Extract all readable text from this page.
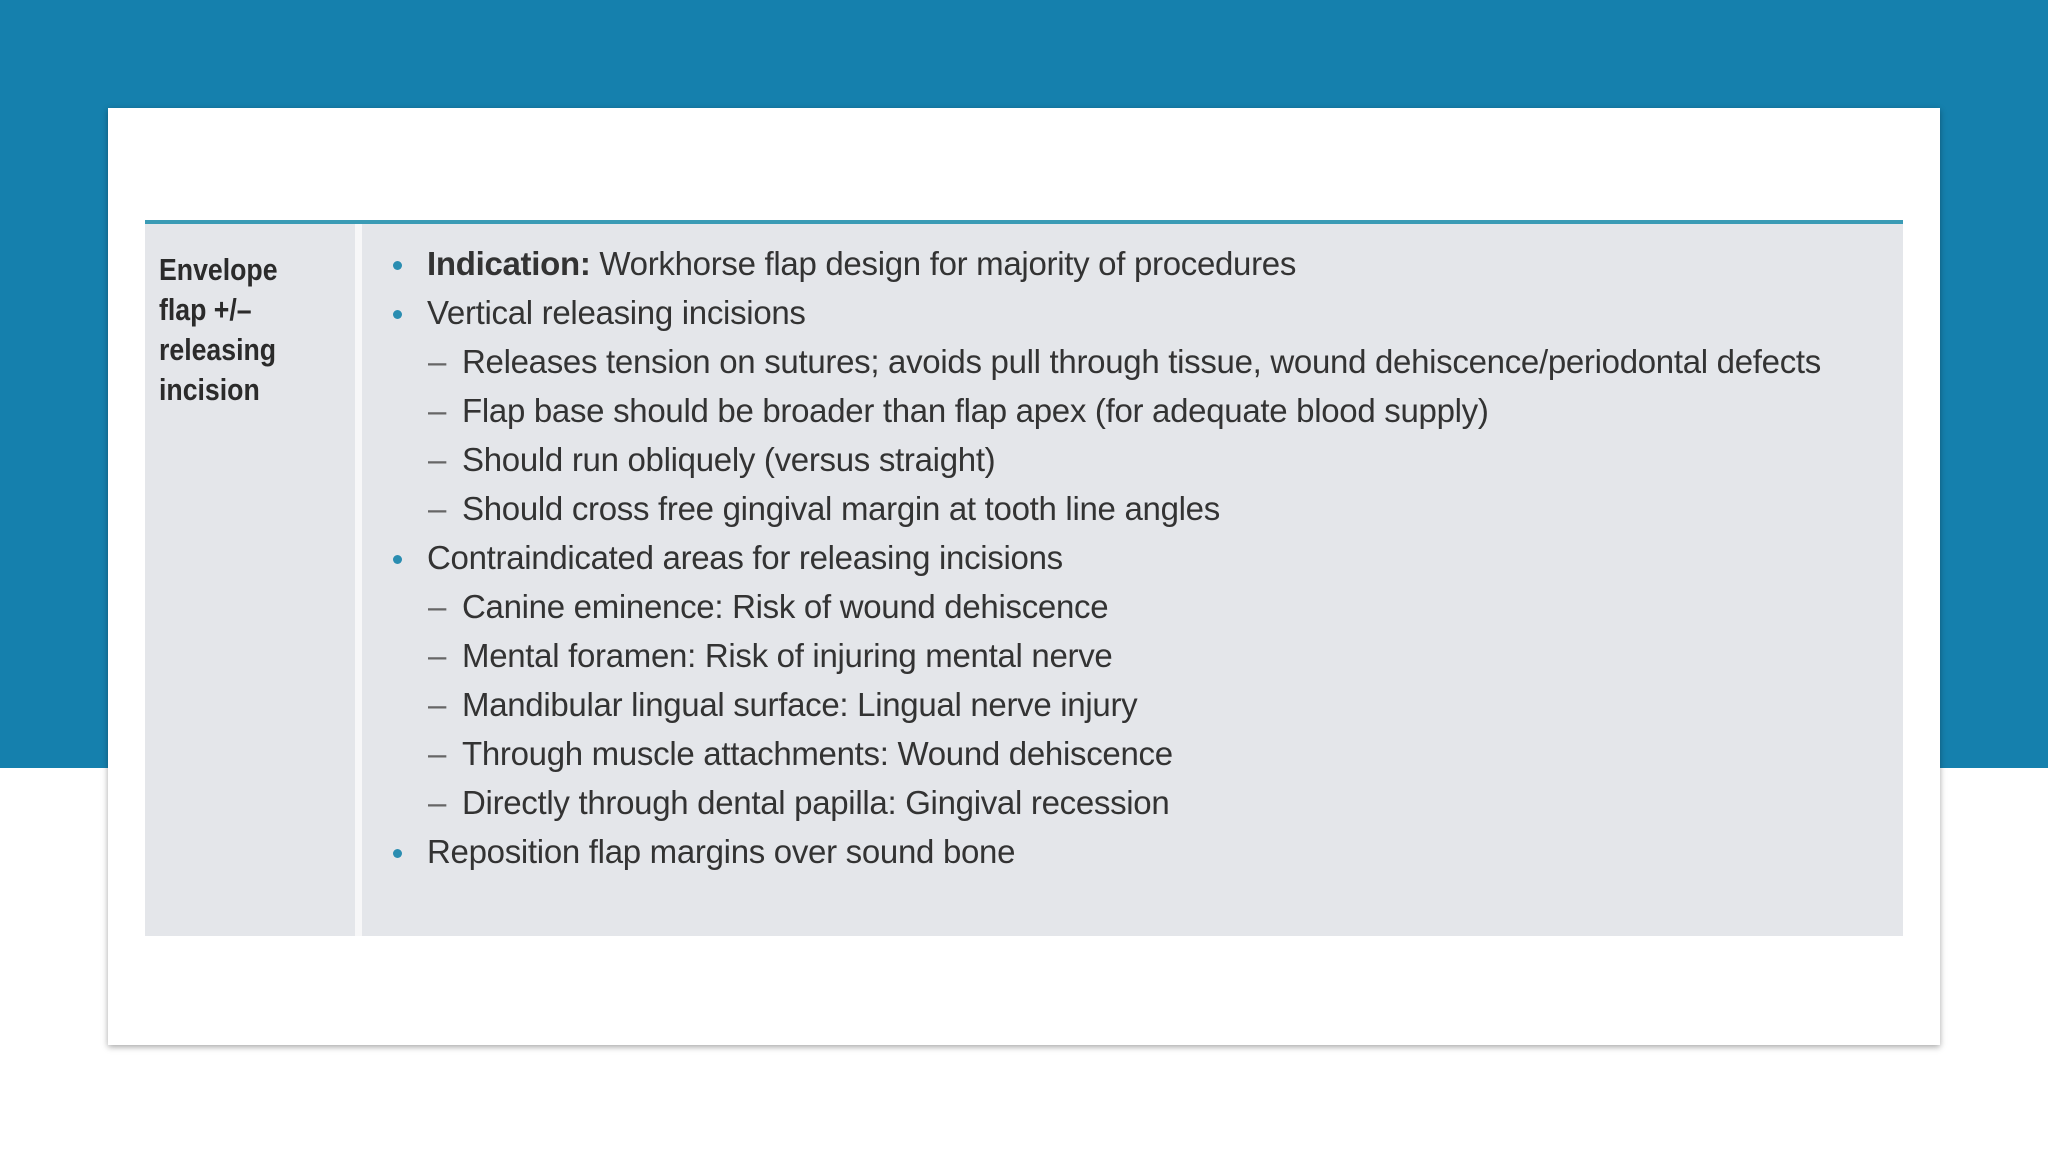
Envelope
flap +/–
releasing
incision

Indication: Workhorse flap design for majority of procedures
Vertical releasing incisions
– Releases tension on sutures; avoids pull through tissue, wound dehiscence/periodontal defects
– Flap base should be broader than flap apex (for adequate blood supply)
– Should run obliquely (versus straight)
– Should cross free gingival margin at tooth line angles
Contraindicated areas for releasing incisions
– Canine eminence: Risk of wound dehiscence
– Mental foramen: Risk of injuring mental nerve
– Mandibular lingual surface: Lingual nerve injury
– Through muscle attachments: Wound dehiscence
– Directly through dental papilla: Gingival recession
Reposition flap margins over sound bone
